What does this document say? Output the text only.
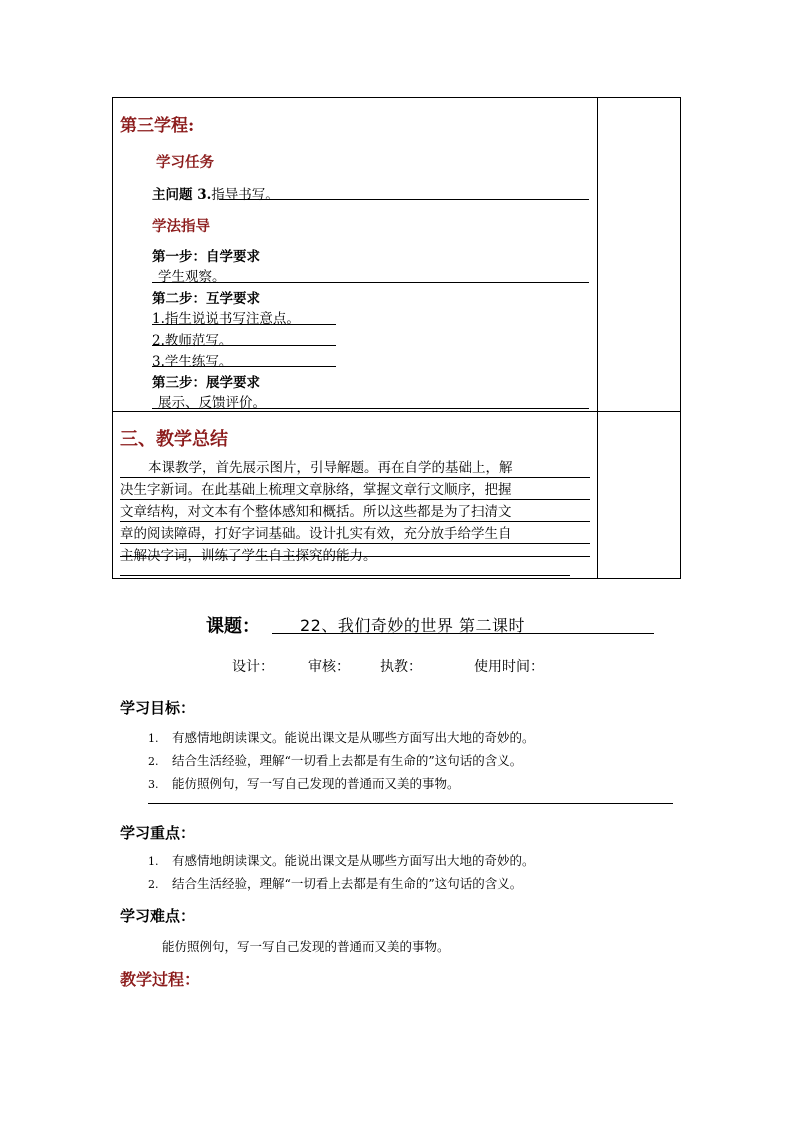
第三学程:
学习任务
主问题 3.指导书写。
学法指导
第一步：自学要求
学生观察。
第二步：互学要求
1.指生说说书写注意点。
2.教师范写。
3.学生练写。
第三步：展学要求
展示、反馈评价。
三、教学总结
本课教学，首先展示图片，引导解题。再在自学的基础上，解
决生字新词。在此基础上梳理文章脉络，掌握文章行文顺序，把握
文章结构，对文本有个整体感知和概括。所以这些都是为了扫清文
章的阅读障碍，打好字词基础。设计扎实有效，充分放手给学生自
主解决字词，训练了学生自主探究的能力。
课题：	22、我们奇妙的世界 第二课时
设计： 审核： 执教：	使用时间：
学习目标：
1. 有感情地朗读课文。能说出课文是从哪些方面写出大地的奇妙的。
2. 结合生活经验，理解“一切看上去都是有生命的”这句话的含义。
3. 能仿照例句，写一写自己发现的普通而又美的事物。
学习重点：
1. 有感情地朗读课文。能说出课文是从哪些方面写出大地的奇妙的。
2. 结合生活经验，理解“一切看上去都是有生命的”这句话的含义。
学习难点：
能仿照例句，写一写自己发现的普通而又美的事物。
教学过程：
